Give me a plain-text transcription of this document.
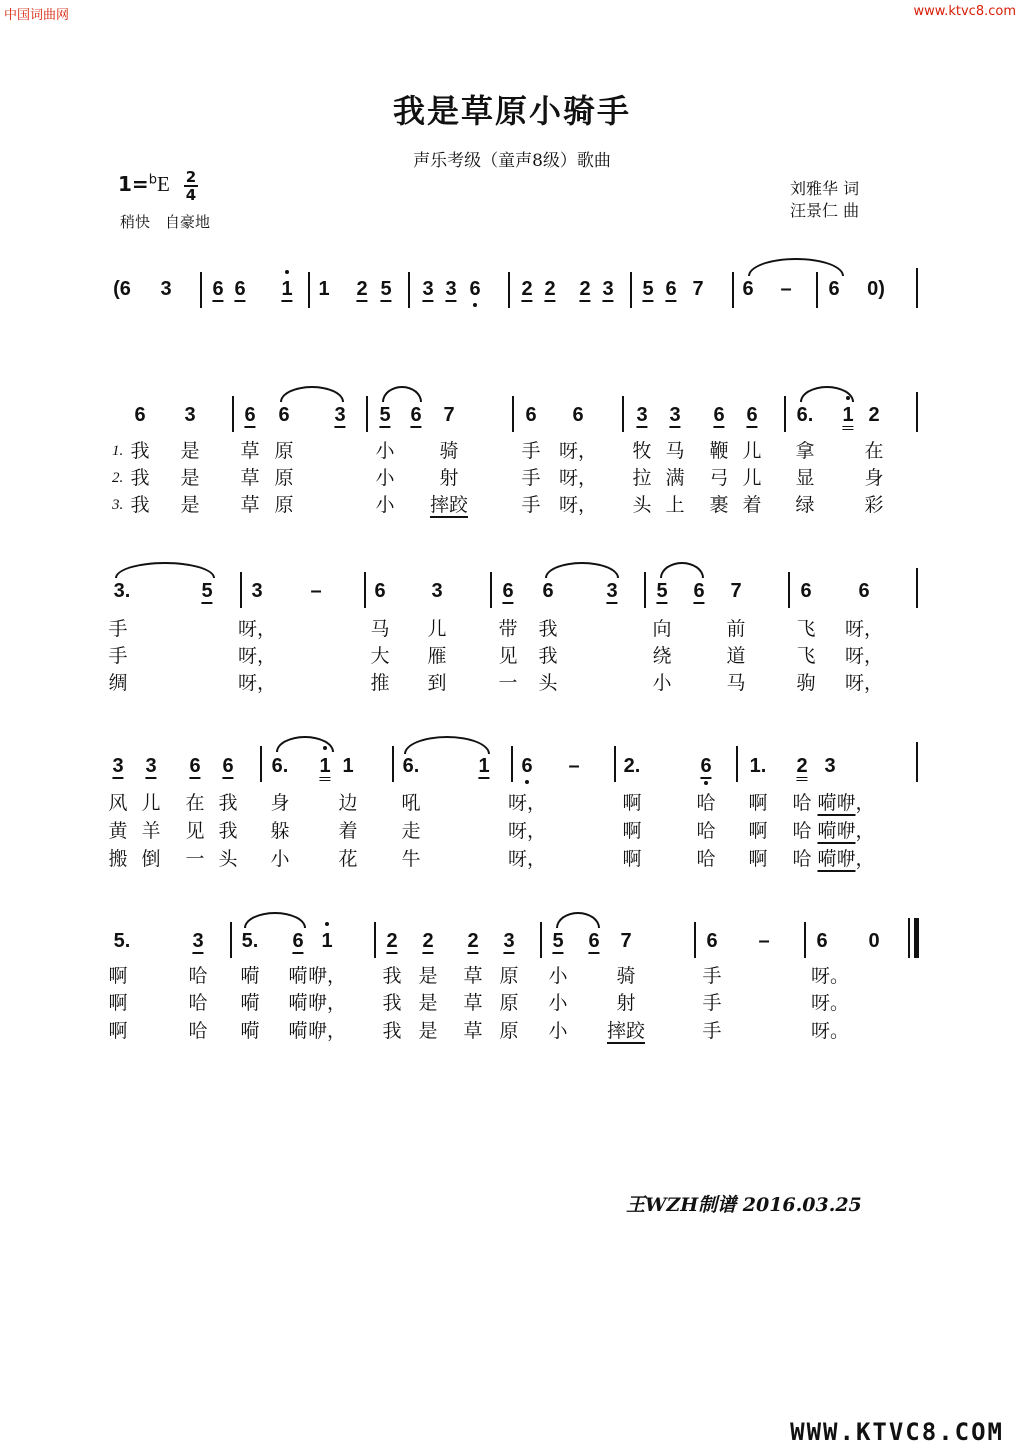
中国词曲网	www.ktvc8.com
我是草原小骑手
声乐考级（童声8级）歌曲
1=$^b$E 2
4
稍快　自豪地
刘雅华 词
汪景仁 曲
(6 3 6 6 1 1 2 5 3 3 6 2 2 2 3 5 6 7 6 – 6 0)
6 3 6 6 3 5 6 7	6 6	3 3 6 6 6. 1 2
1.
2.
3.
3.	5 3 –	6 3	6 6	3 5 6 7	6 6
3 3 6 6 6. 1 1 6.	1 6 – 2.	6 1. 2 3
5.	3 5. 6 1	2 2 2 3 5 6 7	6 – 6 0
我 是 草 原	小 骑	手 呀， 牧 马 鞭 儿 拿	在
我 是 草 原	小 射	手 呀， 拉 满 弓 儿 显	身
我 是 草 原	小 摔跤	手 呀， 头 上 裹 着 绿	彩
手	呀，	马 儿	带 我	向	前	飞 呀，
手	呀，	大 雁	见 我	绕	道	飞 呀，
绸	呀，	推 到	一 头	小	马	驹 呀，
风 儿 在 我 身	边 吼	呀，	啊	哈 啊 哈 嗬咿，
黄 羊 见 我 躲	着 走	呀，	啊	哈 啊 哈 嗬咿，
搬 倒 一 头 小	花 牛	呀，	啊	哈 啊 哈 嗬咿，
啊	哈 嗬 嗬 咿， 我 是 草 原 小	骑	手	呀。
啊	哈 嗬 嗬 咿， 我 是 草 原 小	射	手	呀。
啊	哈 嗬 嗬 咿， 我 是 草 原 小 摔跤	手	呀。
王WZH制谱 2016.03.25
WWW.KTVC8.COM
